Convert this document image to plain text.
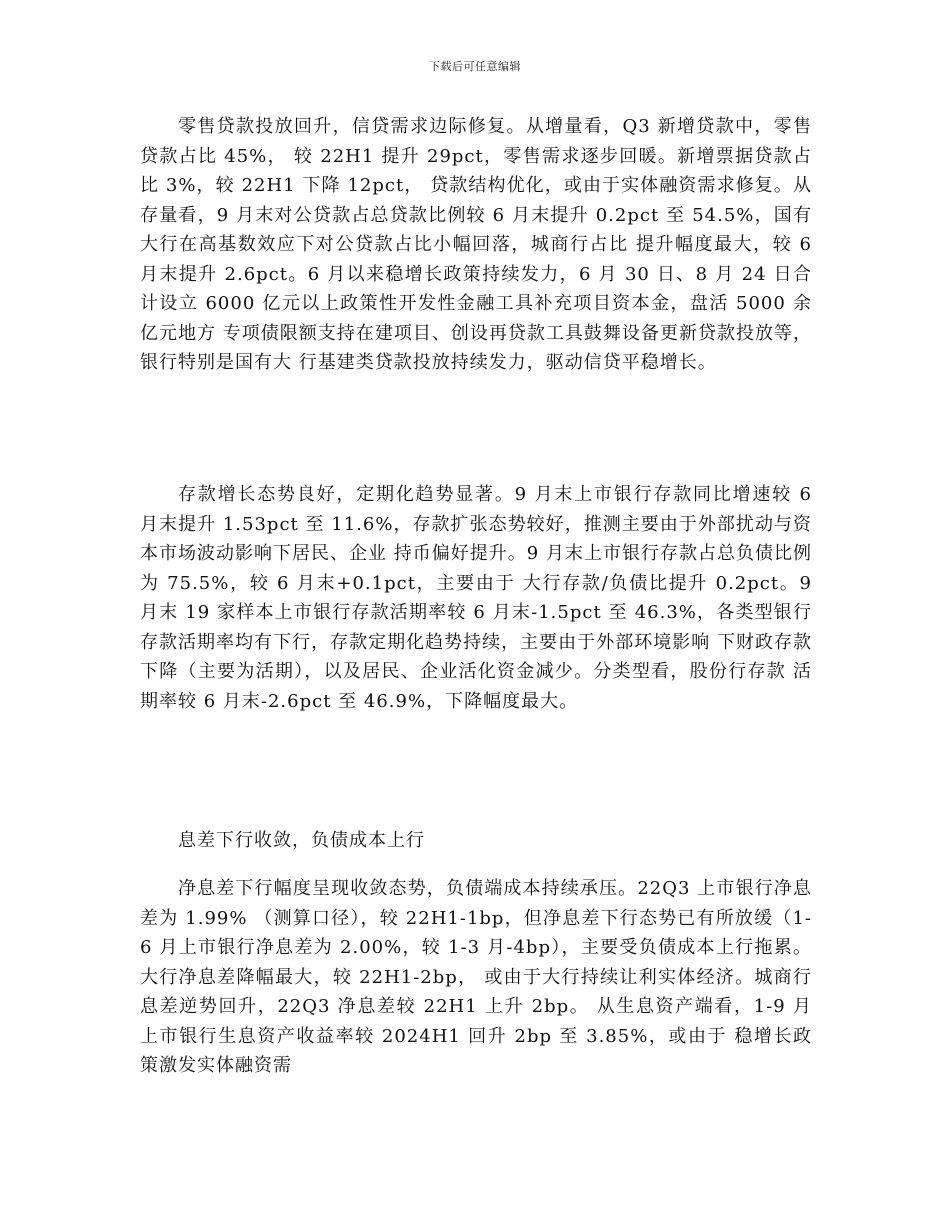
下载后可任意编辑

零售贷款投放回升，信贷需求边际修复。从增量看，Q3 新增贷款中，零售贷款占比 45%， 较 22H1 提升 29pct，零售需求逐步回暖。新增票据贷款占比 3%，较 22H1 下降 12pct， 贷款结构优化，或由于实体融资需求修复。从存量看，9 月末对公贷款占总贷款比例较 6 月末提升 0.2pct 至 54.5%，国有大行在高基数效应下对公贷款占比小幅回落，城商行占比 提升幅度最大，较 6 月末提升 2.6pct。6 月以来稳增长政策持续发力，6 月 30 日、8 月 24 日合计设立 6000 亿元以上政策性开发性金融工具补充项目资本金，盘活 5000 余亿元地方 专项债限额支持在建项目、创设再贷款工具鼓舞设备更新贷款投放等，银行特别是国有大 行基建类贷款投放持续发力，驱动信贷平稳增长。

存款增长态势良好，定期化趋势显著。9 月末上市银行存款同比增速较 6 月末提升 1.53pct 至 11.6%，存款扩张态势较好，推测主要由于外部扰动与资本市场波动影响下居民、企业 持币偏好提升。9 月末上市银行存款占总负债比例为 75.5%，较 6 月末+0.1pct，主要由于 大行存款/负债比提升 0.2pct。9 月末 19 家样本上市银行存款活期率较 6 月末-1.5pct 至 46.3%，各类型银行存款活期率均有下行，存款定期化趋势持续，主要由于外部环境影响 下财政存款下降（主要为活期），以及居民、企业活化资金减少。分类型看，股份行存款 活期率较 6 月末-2.6pct 至 46.9%，下降幅度最大。

息差下行收敛，负债成本上行

净息差下行幅度呈现收敛态势，负债端成本持续承压。22Q3 上市银行净息差为 1.99% （测算口径），较 22H1-1bp，但净息差下行态势已有所放缓（1-6 月上市银行净息差为 2.00%，较 1-3 月-4bp），主要受负债成本上行拖累。大行净息差降幅最大，较 22H1-2bp， 或由于大行持续让利实体经济。城商行息差逆势回升，22Q3 净息差较 22H1 上升 2bp。 从生息资产端看，1-9 月上市银行生息资产收益率较 2024H1 回升 2bp 至 3.85%，或由于 稳增长政策激发实体融资需
